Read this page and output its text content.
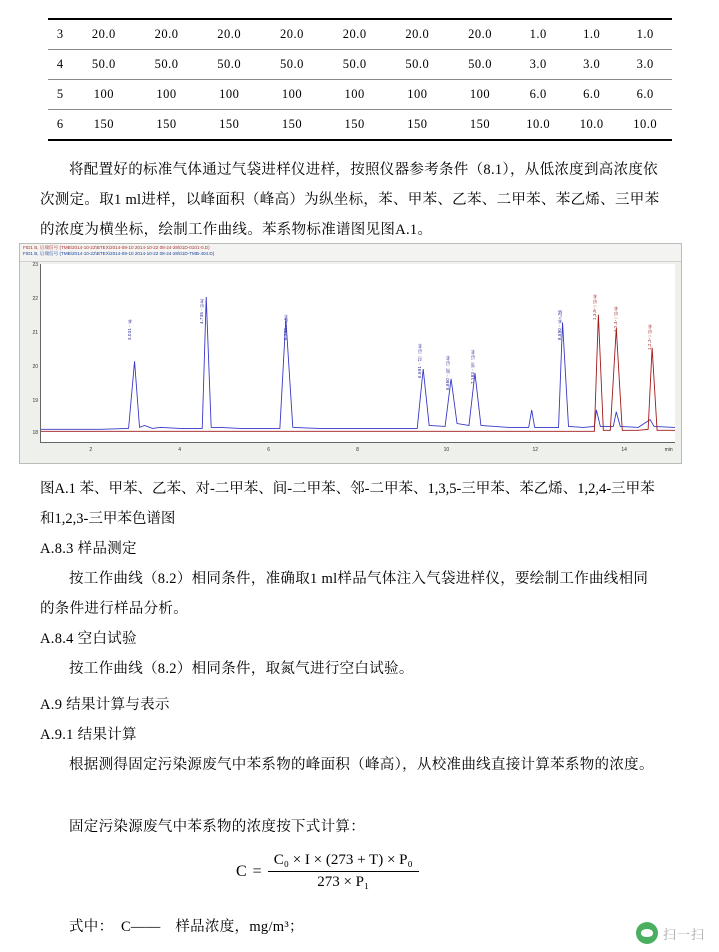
3	20.0	20.0	20.0	20.0	20.0	20.0	20.0	1.0	1.0	1.0
4	50.0	50.0	50.0	50.0	50.0	50.0	50.0	3.0	3.0	3.0
5	100	100	100	100	100	100	100	6.0	6.0	6.0
6	150	150	150	150	150	150	150	10.0	10.0	10.0
将配置好的标准气体通过气袋进样仪进样，按照仪器参考条件（8.1），从低浓度到高浓度依次测定。取1 ml进样，以峰面积（峰高）为纵坐标，苯、甲苯、乙苯、二甲苯、苯乙烯、三甲苯的浓度为横坐标，绘制工作曲线。苯系物标准谱图见图A.1。
FID1 B, 后端信号 (TMB\2014-10-22\BTEX\2014-08-10 2014-10-22 08-24-28\01D-0101-0.D)
FID1 B, 后端信号 (TMB\2014-10-22\BTEX\2014-08-10 2014-10-22 08-24-28\01D-TMB-404.D)
23
22
21
20
19
18
3.031 - 苯
4.735 - 甲苯
6.298 - 乙苯
6.591 - 对二甲苯	6.850 - 间二甲苯	7.183 - 邻二甲苯
8.590 - 苯乙烯
1,3,5-三甲苯	1,2,4-三甲苯
1,2,3-三甲苯
2	4	6	8	10	12	14	min
图A.1 苯、甲苯、乙苯、对-二甲苯、间-二甲苯、邻-二甲苯、1,3,5-三甲苯、苯乙烯、1,2,4-三甲苯和1,2,3-三甲苯色谱图
A.8.3 样品测定
按工作曲线（8.2）相同条件，准确取1 ml样品气体注入气袋进样仪，要绘制工作曲线相同的条件进行样品分析。
A.8.4 空白试验
按工作曲线（8.2）相同条件，取氮气进行空白试验。
A.9 结果计算与表示
A.9.1 结果计算
根据测得固定污染源废气中苯系物的峰面积（峰高），从校准曲线直接计算苯系物的浓度。
固定污染源废气中苯系物的浓度按下式计算：
$C = \frac{\text{C₀ × I × (273 + T) × P₀}}{\text{273 × P₁}}$
式中：　C——　样品浓度，mg/m³；	扫一扫
